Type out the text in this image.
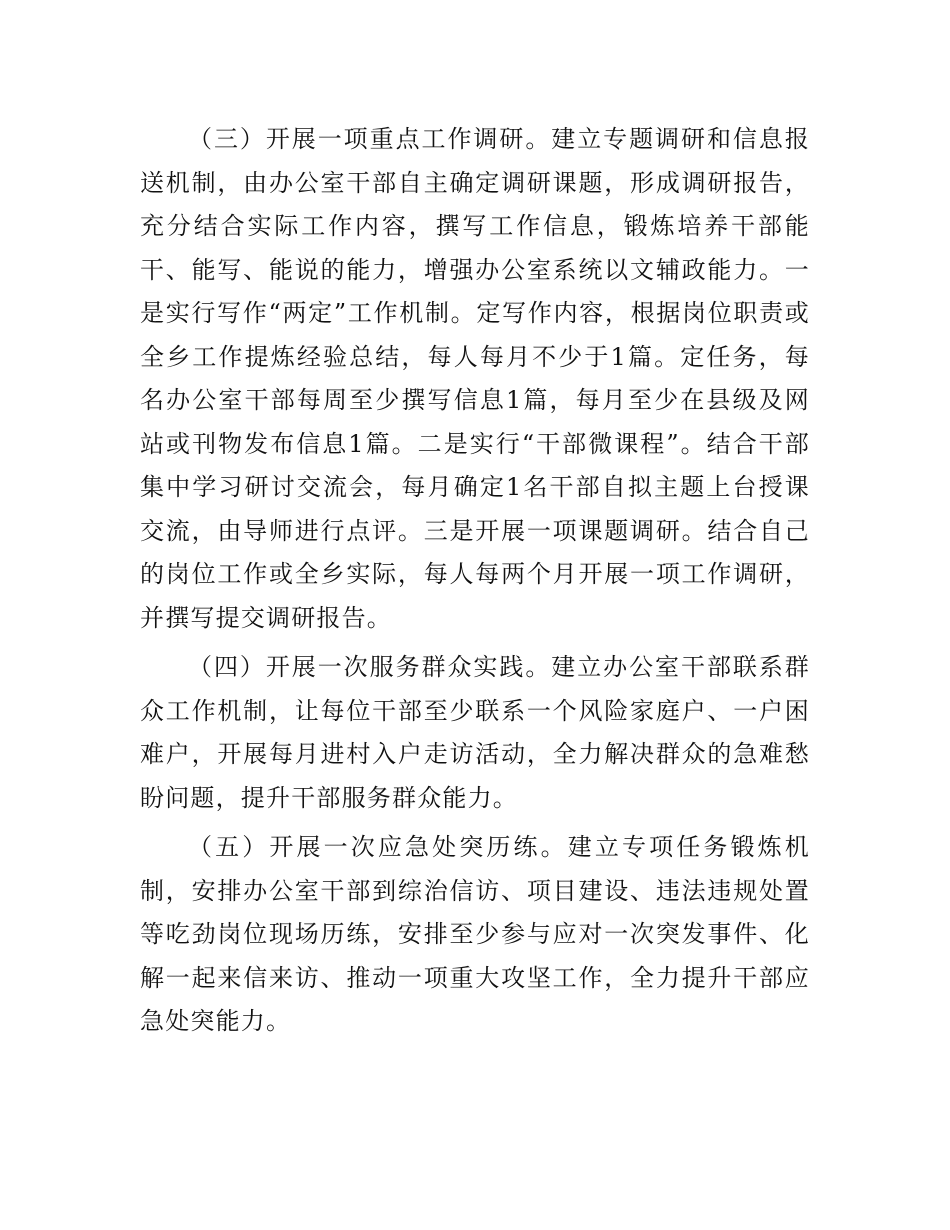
（三）开展一项重点工作调研。建立专题调研和信息报送机制，由办公室干部自主确定调研课题，形成调研报告，充分结合实际工作内容，撰写工作信息，锻炼培养干部能干、能写、能说的能力，增强办公室系统以文辅政能力。一是实行写作“两定”工作机制。定写作内容，根据岗位职责或全乡工作提炼经验总结，每人每月不少于1篇。定任务，每名办公室干部每周至少撰写信息1篇，每月至少在县级及网站或刊物发布信息1篇。二是实行“干部微课程”。结合干部集中学习研讨交流会，每月确定1名干部自拟主题上台授课交流，由导师进行点评。三是开展一项课题调研。结合自己的岗位工作或全乡实际，每人每两个月开展一项工作调研，并撰写提交调研报告。

（四）开展一次服务群众实践。建立办公室干部联系群众工作机制，让每位干部至少联系一个风险家庭户、一户困难户，开展每月进村入户走访活动，全力解决群众的急难愁盼问题，提升干部服务群众能力。

（五）开展一次应急处突历练。建立专项任务锻炼机制，安排办公室干部到综治信访、项目建设、违法违规处置等吃劲岗位现场历练，安排至少参与应对一次突发事件、化解一起来信来访、推动一项重大攻坚工作，全力提升干部应急处突能力。
